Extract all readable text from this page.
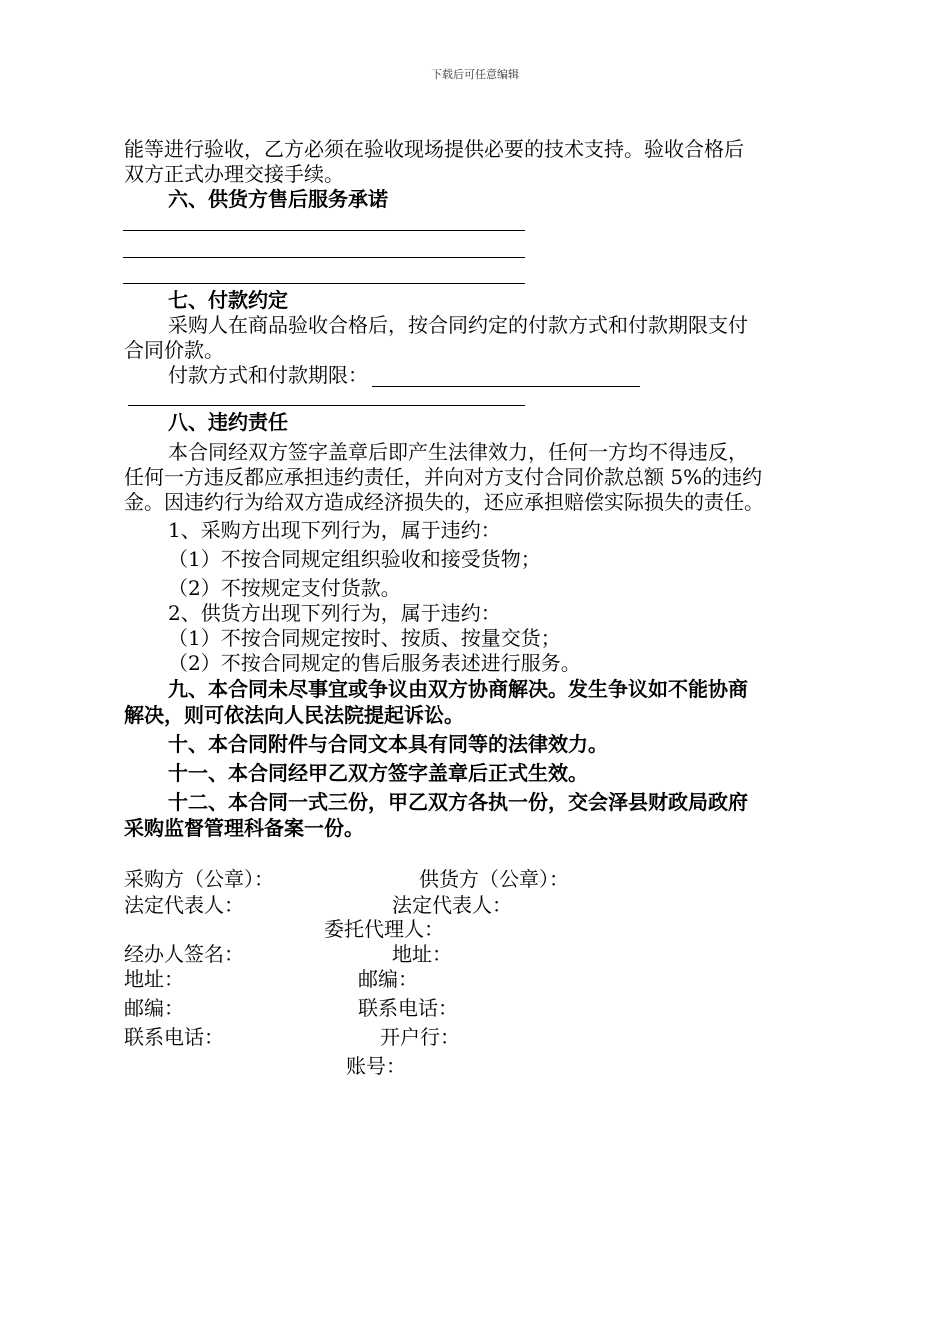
下载后可任意编辑
能等进行验收，乙方必须在验收现场提供必要的技术支持。验收合格后
双方正式办理交接手续。
六、供货方售后服务承诺
七、付款约定
采购人在商品验收合格后，按合同约定的付款方式和付款期限支付
合同价款。
付款方式和付款期限：
八、违约责任
本合同经双方签字盖章后即产生法律效力，任何一方均不得违反，
任何一方违反都应承担违约责任，并向对方支付合同价款总额 5%的违约
金。因违约行为给双方造成经济损失的，还应承担赔偿实际损失的责任。
1、采购方出现下列行为，属于违约：
（1）不按合同规定组织验收和接受货物；
（2）不按规定支付货款。
2、供货方出现下列行为，属于违约：
（1）不按合同规定按时、按质、按量交货；
（2）不按合同规定的售后服务表述进行服务。
九、本合同未尽事宜或争议由双方协商解决。发生争议如不能协商
解决，则可依法向人民法院提起诉讼。
十、本合同附件与合同文本具有同等的法律效力。
十一、本合同经甲乙双方签字盖章后正式生效。
十二、本合同一式三份，甲乙双方各执一份，交会泽县财政局政府
采购监督管理科备案一份。
采购方（公章）：	供货方（公章）：
法定代表人：	法定代表人：
委托代理人：
经办人签名：	地址：
地址：	邮编：
邮编：	联系电话：
联系电话：	开户行：
账号：
